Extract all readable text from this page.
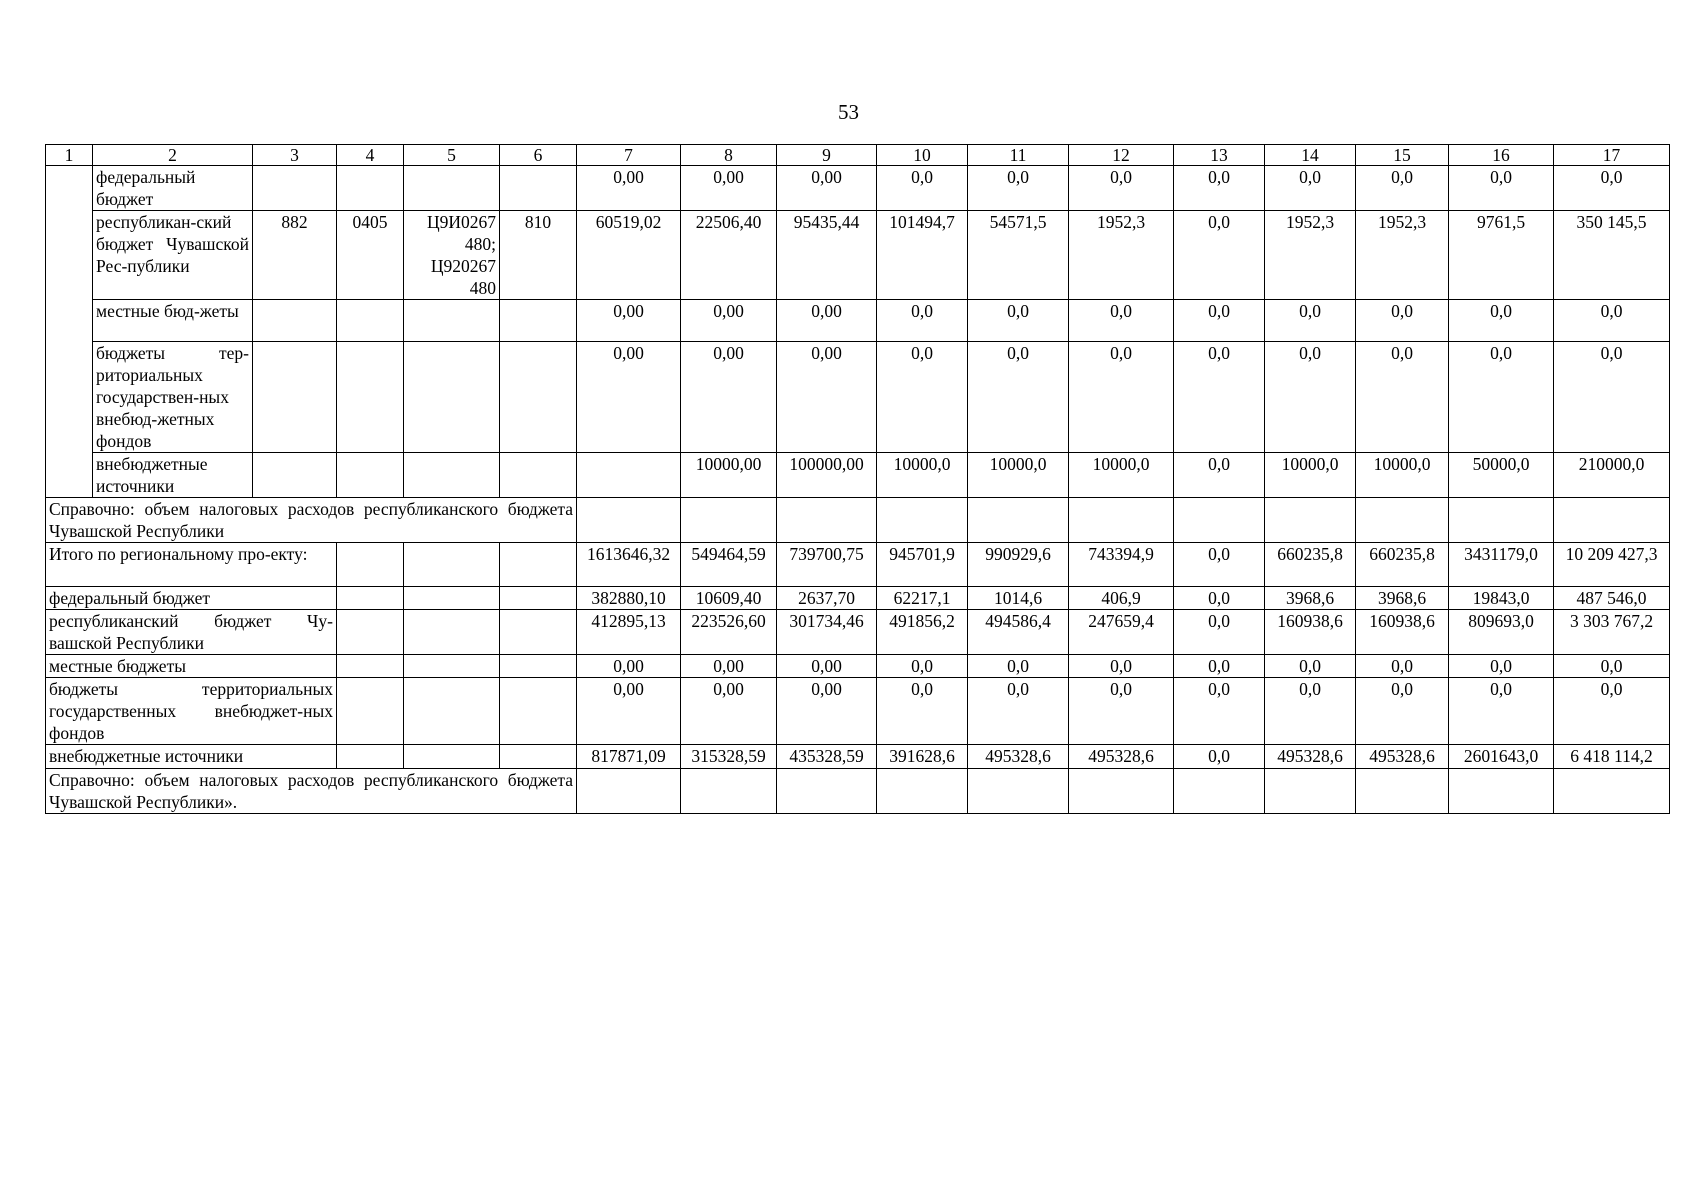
53
1	2	3	4	5	6	7	8	9	10	11	12	13	14	15	16	17
	федеральный бюджет					0,00	0,00	0,00	0,0	0,0	0,0	0,0	0,0	0,0	0,0	0,0
	республикан-ский бюджет Чувашской Рес-публики	882	0405	Ц9И0267 480; Ц920267 480	810	60519,02	22506,40	95435,44	101494,7	54571,5	1952,3	0,0	1952,3	1952,3	9761,5	350 145,5
	местные бюд-жеты					0,00	0,00	0,00	0,0	0,0	0,0	0,0	0,0	0,0	0,0	0,0
	бюджеты тер-риториальных государствен-ных внебюд-жетных фондов					0,00	0,00	0,00	0,0	0,0	0,0	0,0	0,0	0,0	0,0	0,0
	внебюджетные источники						10000,00	100000,00	10000,0	10000,0	10000,0	0,0	10000,0	10000,0	50000,0	210000,0
Справочно: объем налоговых расходов республиканского бюджета Чувашской Республики																
Итого по региональному про-екту:						1613646,32	549464,59	739700,75	945701,9	990929,6	743394,9	0,0	660235,8	660235,8	3431179,0	10 209 427,3
федеральный бюджет						382880,10	10609,40	2637,70	62217,1	1014,6	406,9	0,0	3968,6	3968,6	19843,0	487 546,0
республиканский бюджет Чу-вашской Республики						412895,13	223526,60	301734,46	491856,2	494586,4	247659,4	0,0	160938,6	160938,6	809693,0	3 303 767,2
местные бюджеты						0,00	0,00	0,00	0,0	0,0	0,0	0,0	0,0	0,0	0,0	0,0
бюджеты территориальных государственных внебюджет-ных фондов						0,00	0,00	0,00	0,0	0,0	0,0	0,0	0,0	0,0	0,0	0,0
внебюджетные источники						817871,09	315328,59	435328,59	391628,6	495328,6	495328,6	0,0	495328,6	495328,6	2601643,0	6 418 114,2
Справочно: объем налоговых расходов республиканского бюджета Чувашской Республики».																
